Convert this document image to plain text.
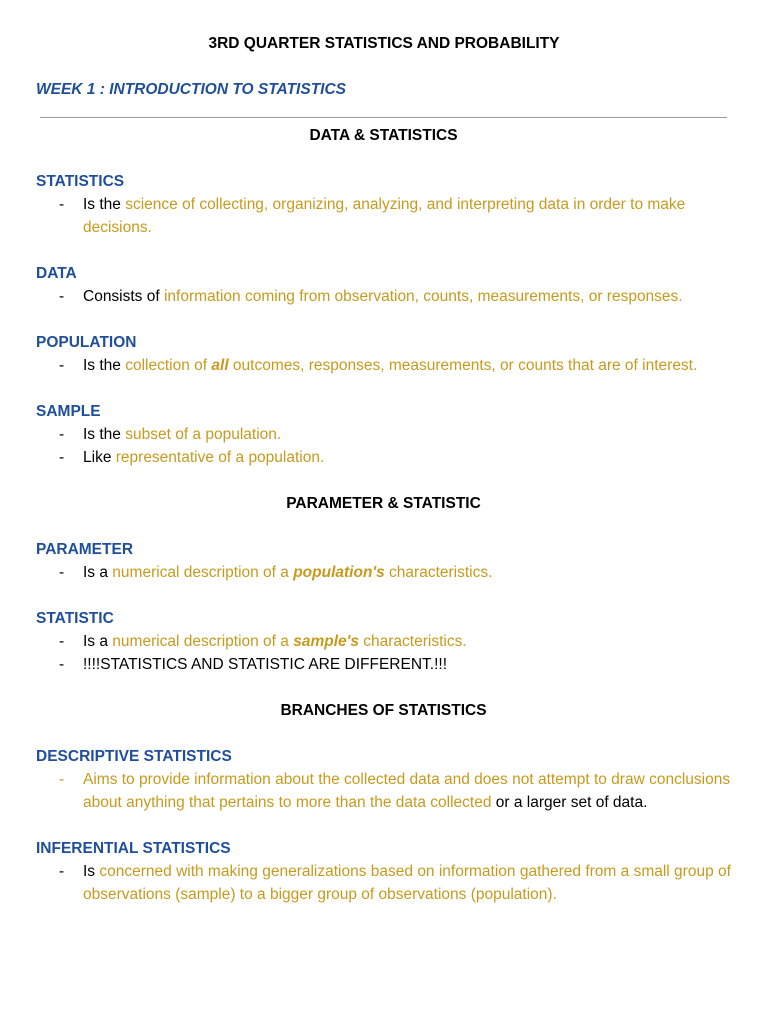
3RD QUARTER STATISTICS AND PROBABILITY
WEEK 1 : INTRODUCTION TO STATISTICS
DATA & STATISTICS
STATISTICS
- Is the science of collecting, organizing, analyzing, and interpreting data in order to make decisions.
DATA
- Consists of information coming from observation, counts, measurements, or responses.
POPULATION
- Is the collection of all outcomes, responses, measurements, or counts that are of interest.
SAMPLE
- Is the subset of a population.
- Like representative of a population.
PARAMETER & STATISTIC
PARAMETER
- Is a numerical description of a population's characteristics.
STATISTIC
- Is a numerical description of a sample's characteristics.
- !!!!STATISTICS AND STATISTIC ARE DIFFERENT.!!!
BRANCHES OF STATISTICS
DESCRIPTIVE STATISTICS
- Aims to provide information about the collected data and does not attempt to draw conclusions about anything that pertains to more than the data collected or a larger set of data.
INFERENTIAL STATISTICS
- Is concerned with making generalizations based on information gathered from a small group of observations (sample) to a bigger group of observations (population).
